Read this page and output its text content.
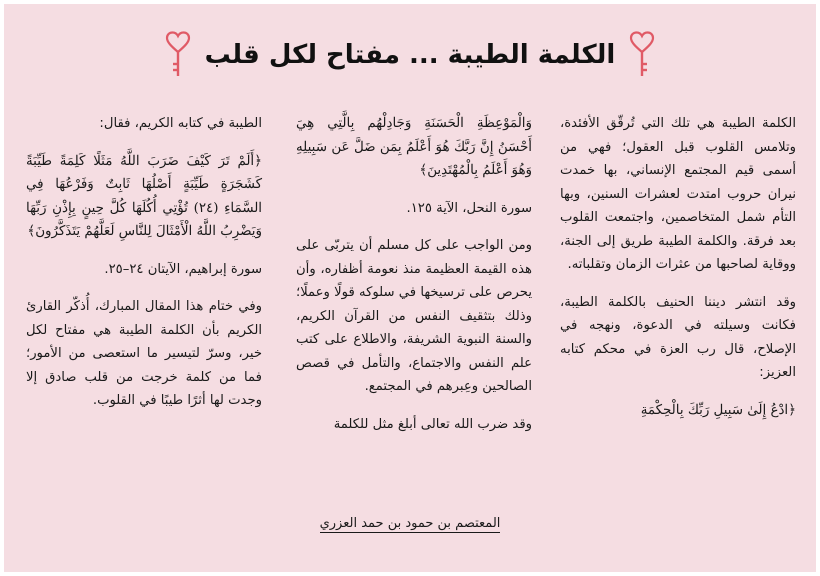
الكلمة الطيبة ... مفتاح لكل قلب

الكلمة الطيبة هي تلك التي تُرقّق الأفئدة، وتلامس القلوب قبل العقول؛ فهي من أسمى قيم المجتمع الإنساني، بها خمدت نيران حروب امتدت لعشرات السنين، وبها التأم شمل المتخاصمين، واجتمعت القلوب بعد فرقة. والكلمة الطيبة طريق إلى الجنة، ووقاية لصاحبها من عثرات الزمان وتقلباته.

وقد انتشر ديننا الحنيف بالكلمة الطيبة، فكانت وسيلته في الدعوة، ونهجه في الإصلاح، قال رب العزة في محكم كتابه العزيز:

﴿ادْعُ إِلَىٰ سَبِيلِ رَبِّكَ بِالْحِكْمَةِ

وَالْمَوْعِظَةِ الْحَسَنَةِ وَجَادِلْهُم بِالَّتِي هِيَ أَحْسَنُ إِنَّ رَبَّكَ هُوَ أَعْلَمُ بِمَن ضَلَّ عَن سَبِيلِهِ وَهُوَ أَعْلَمُ بِالْمُهْتَدِينَ﴾

سورة النحل، الآية ١٢٥.

ومن الواجب على كل مسلم أن يتربّى على هذه القيمة العظيمة منذ نعومة أظفاره، وأن يحرص على ترسيخها في سلوكه قولًا وعملًا؛ وذلك بتثقيف النفس من القرآن الكريم، والسنة النبوية الشريفة، والاطلاع على كتب علم النفس والاجتماع، والتأمل في قصص الصالحين وعِبرهم في المجتمع.

وقد ضرب الله تعالى أبلغ مثل للكلمة

الطيبة في كتابه الكريم، فقال:

﴿أَلَمْ تَرَ كَيْفَ ضَرَبَ اللَّهُ مَثَلًا كَلِمَةً طَيِّبَةً كَشَجَرَةٍ طَيِّبَةٍ أَصْلُهَا ثَابِتٌ وَفَرْعُهَا فِي السَّمَاءِ (٢٤) تُؤْتِي أُكُلَهَا كُلَّ حِينٍ بِإِذْنِ رَبِّهَا وَيَضْرِبُ اللَّهُ الْأَمْثَالَ لِلنَّاسِ لَعَلَّهُمْ يَتَذَكَّرُونَ﴾

سورة إبراهيم، الآيتان ٢٤–٢٥.

وفي ختام هذا المقال المبارك، أُذكّر القارئ الكريم بأن الكلمة الطيبة هي مفتاح لكل خير، وسرّ لتيسير ما استعصى من الأمور؛ فما من كلمة خرجت من قلب صادق إلا وجدت لها أثرًا طيبًا في القلوب.

المعتصم بن حمود بن حمد العزري
